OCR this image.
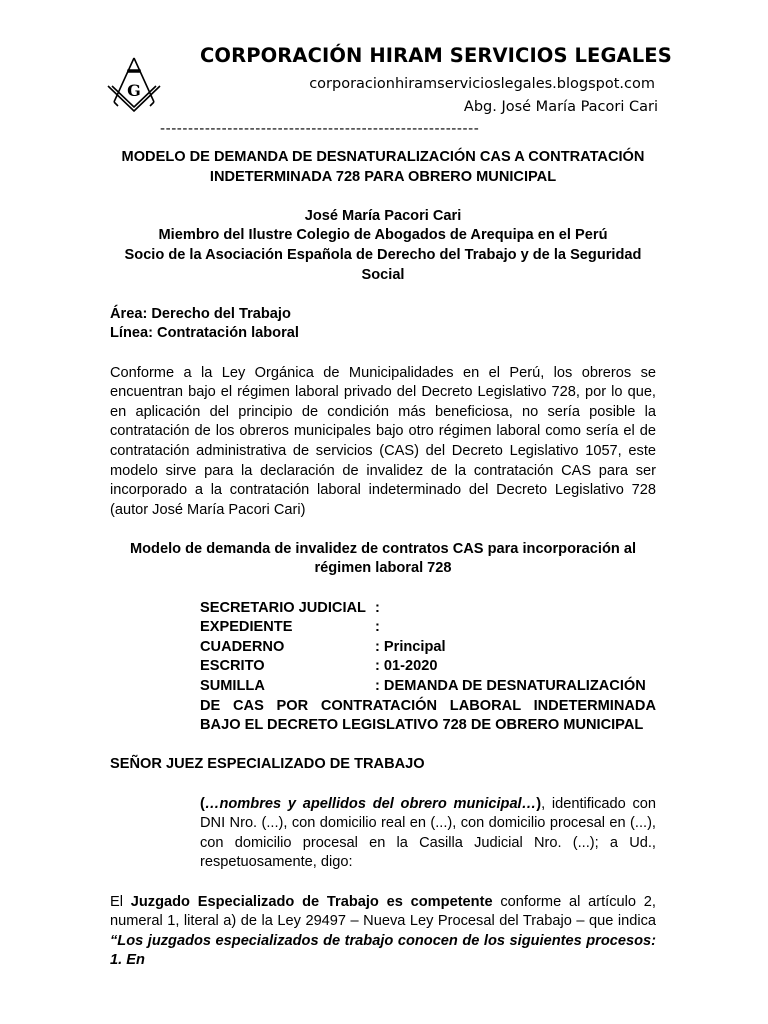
G
CORPORACIÓN HIRAM SERVICIOS LEGALES
corporacionhiramservicioslegales.blogspot.com
Abg. José María Pacori Cari
---------------------------------------------------------

MODELO DE DEMANDA DE DESNATURALIZACIÓN CAS A CONTRATACIÓN INDETERMINADA 728 PARA OBRERO MUNICIPAL

José María Pacori Cari

Miembro del Ilustre Colegio de Abogados de Arequipa en el Perú

Socio de la Asociación Española de Derecho del Trabajo y de la Seguridad Social

Área: Derecho del Trabajo

Línea: Contratación laboral

Conforme a la Ley Orgánica de Municipalidades en el Perú, los obreros se encuentran bajo el régimen laboral privado del Decreto Legislativo 728, por lo que, en aplicación del principio de condición más beneficiosa, no sería posible la contratación de los obreros municipales bajo otro régimen laboral como sería el de contratación administrativa de servicios (CAS) del Decreto Legislativo 1057, este modelo sirve para la declaración de invalidez de la contratación CAS para ser incorporado a la contratación laboral indeterminado del Decreto Legislativo 728 (autor José María Pacori Cari)

Modelo de demanda de invalidez de contratos CAS para incorporación al régimen laboral 728

SECRETARIO JUDICIAL :
EXPEDIENTE	:
CUADERNO	: Principal
ESCRITO	: 01-2020
SUMILLA	: DEMANDA DE DESNATURALIZACIÓN

DE CAS POR CONTRATACIÓN LABORAL INDETERMINADA BAJO EL DECRETO LEGISLATIVO 728 DE OBRERO MUNICIPAL

SEÑOR JUEZ ESPECIALIZADO DE TRABAJO

(…nombres y apellidos del obrero municipal…), identificado con DNI Nro. (...), con domicilio real en (...), con domicilio procesal en (...), con domicilio procesal en la Casilla Judicial Nro. (...); a Ud., respetuosamente, digo:

El Juzgado Especializado de Trabajo es competente conforme al artículo 2, numeral 1, literal a) de la Ley 29497 – Nueva Ley Procesal del Trabajo – que indica “Los juzgados especializados de trabajo conocen de los siguientes procesos: 1. En
